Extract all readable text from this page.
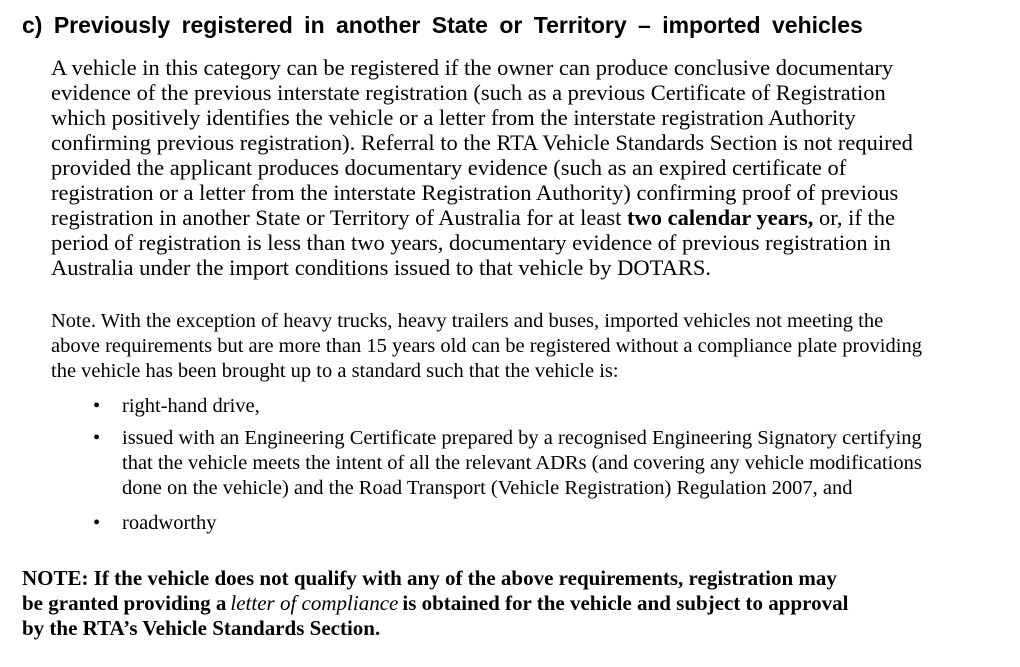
c) Previously registered in another State or Territory – imported vehicles
A vehicle in this category can be registered if the owner can produce conclusive documentary
evidence of the previous interstate registration (such as a previous Certificate of Registration
which positively identifies the vehicle or a letter from the interstate registration Authority
confirming previous registration). Referral to the RTA Vehicle Standards Section is not required
provided the applicant produces documentary evidence (such as an expired certificate of
registration or a letter from the interstate Registration Authority) confirming proof of previous
registration in another State or Territory of Australia for at least two calendar years, or, if the
period of registration is less than two years, documentary evidence of previous registration in
Australia under the import conditions issued to that vehicle by DOTARS.
Note. With the exception of heavy trucks, heavy trailers and buses, imported vehicles not meeting the
above requirements but are more than 15 years old can be registered without a compliance plate providing
the vehicle has been brought up to a standard such that the vehicle is:
• right-hand drive,
• issued with an Engineering Certificate prepared by a recognised Engineering Signatory certifying
that the vehicle meets the intent of all the relevant ADRs (and covering any vehicle modifications
done on the vehicle) and the Road Transport (Vehicle Registration) Regulation 2007, and
• roadworthy
NOTE: If the vehicle does not qualify with any of the above requirements, registration may
be granted providing a letter of compliance is obtained for the vehicle and subject to approval
by the RTA’s Vehicle Standards Section.
